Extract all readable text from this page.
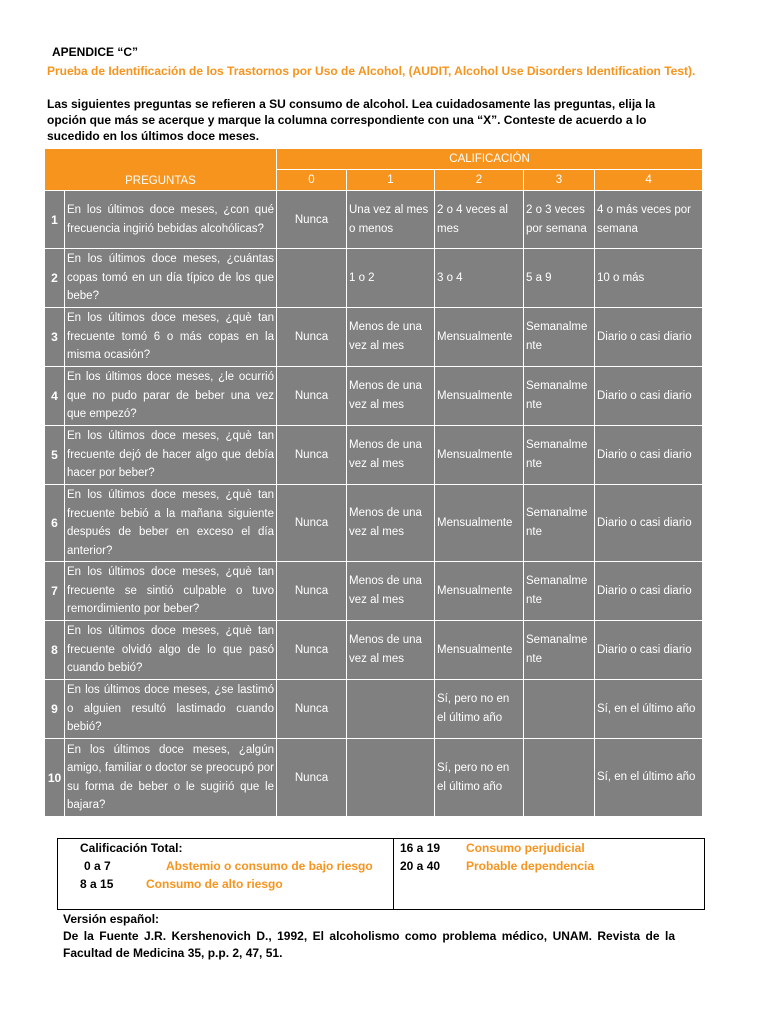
APENDICE “C”
Prueba de Identificación de los Trastornos por Uso de Alcohol, (AUDIT, Alcohol Use Disorders Identification Test).
Las siguientes preguntas se refieren a SU consumo de alcohol. Lea cuidadosamente las preguntas, elija la opción que más se acerque y marque la columna correspondiente con una “X”. Conteste de acuerdo a lo sucedido en los últimos doce meses.
PREGUNTAS		CALIFICACIÓN				
		0	1	2	3	4
1	En los últimos doce meses, ¿con qué frecuencia ingirió bebidas alcohólicas?	Nunca	Una vez al mes o menos	2 o 4 veces al mes	2 o 3 veces por semana	4 o más veces por semana
2	En los últimos doce meses, ¿cuántas copas tomó en un día típico de los que bebe?		1 o 2	3 o 4	5 a 9	10 o más
3	En los últimos doce meses, ¿què tan frecuente tomó 6 o más copas en la misma ocasión?	Nunca	Menos de una vez al mes	Mensualmente	Semanalmente	Diario o casi diario
4	En los últimos doce meses, ¿le ocurrió que no pudo parar de beber una vez que empezó?	Nunca	Menos de una vez al mes	Mensualmente	Semanalmente	Diario o casi diario
5	En los últimos doce meses, ¿què tan frecuente dejó de hacer algo que debía hacer por beber?	Nunca	Menos de una vez al mes	Mensualmente	Semanalmente	Diario o casi diario
6	En los últimos doce meses, ¿què tan frecuente bebió a la mañana siguiente después de beber en exceso el día anterior?	Nunca	Menos de una vez al mes	Mensualmente	Semanalmente	Diario o casi diario
7	En los últimos doce meses, ¿què tan frecuente se sintió culpable o tuvo remordimiento por beber?	Nunca	Menos de una vez al mes	Mensualmente	Semanalmente	Diario o casi diario
8	En los últimos doce meses, ¿què tan frecuente olvidó algo de lo que pasó cuando bebió?	Nunca	Menos de una vez al mes	Mensualmente	Semanalmente	Diario o casi diario
9	En los últimos doce meses, ¿se lastimó o alguien resultó lastimado cuando bebió?	Nunca		Sí, pero no en el último año		Sí, en el último año
10	En los últimos doce meses, ¿algún amigo, familiar o doctor se preocupó por su forma de beber o le sugirió que le bajara?	Nunca		Sí, pero no en el último año		Sí, en el último año
Calificación Total:
0 a 7	Abstemio o consumo de bajo riesgo
8 a 15	Consumo de alto riesgo
16 a 19 Consumo perjudicial
20 a 40 Probable dependencia
Versión español:
De la Fuente J.R. Kershenovich D., 1992, El alcoholismo como problema médico, UNAM. Revista de la Facultad de Medicina 35, p.p. 2, 47, 51.
